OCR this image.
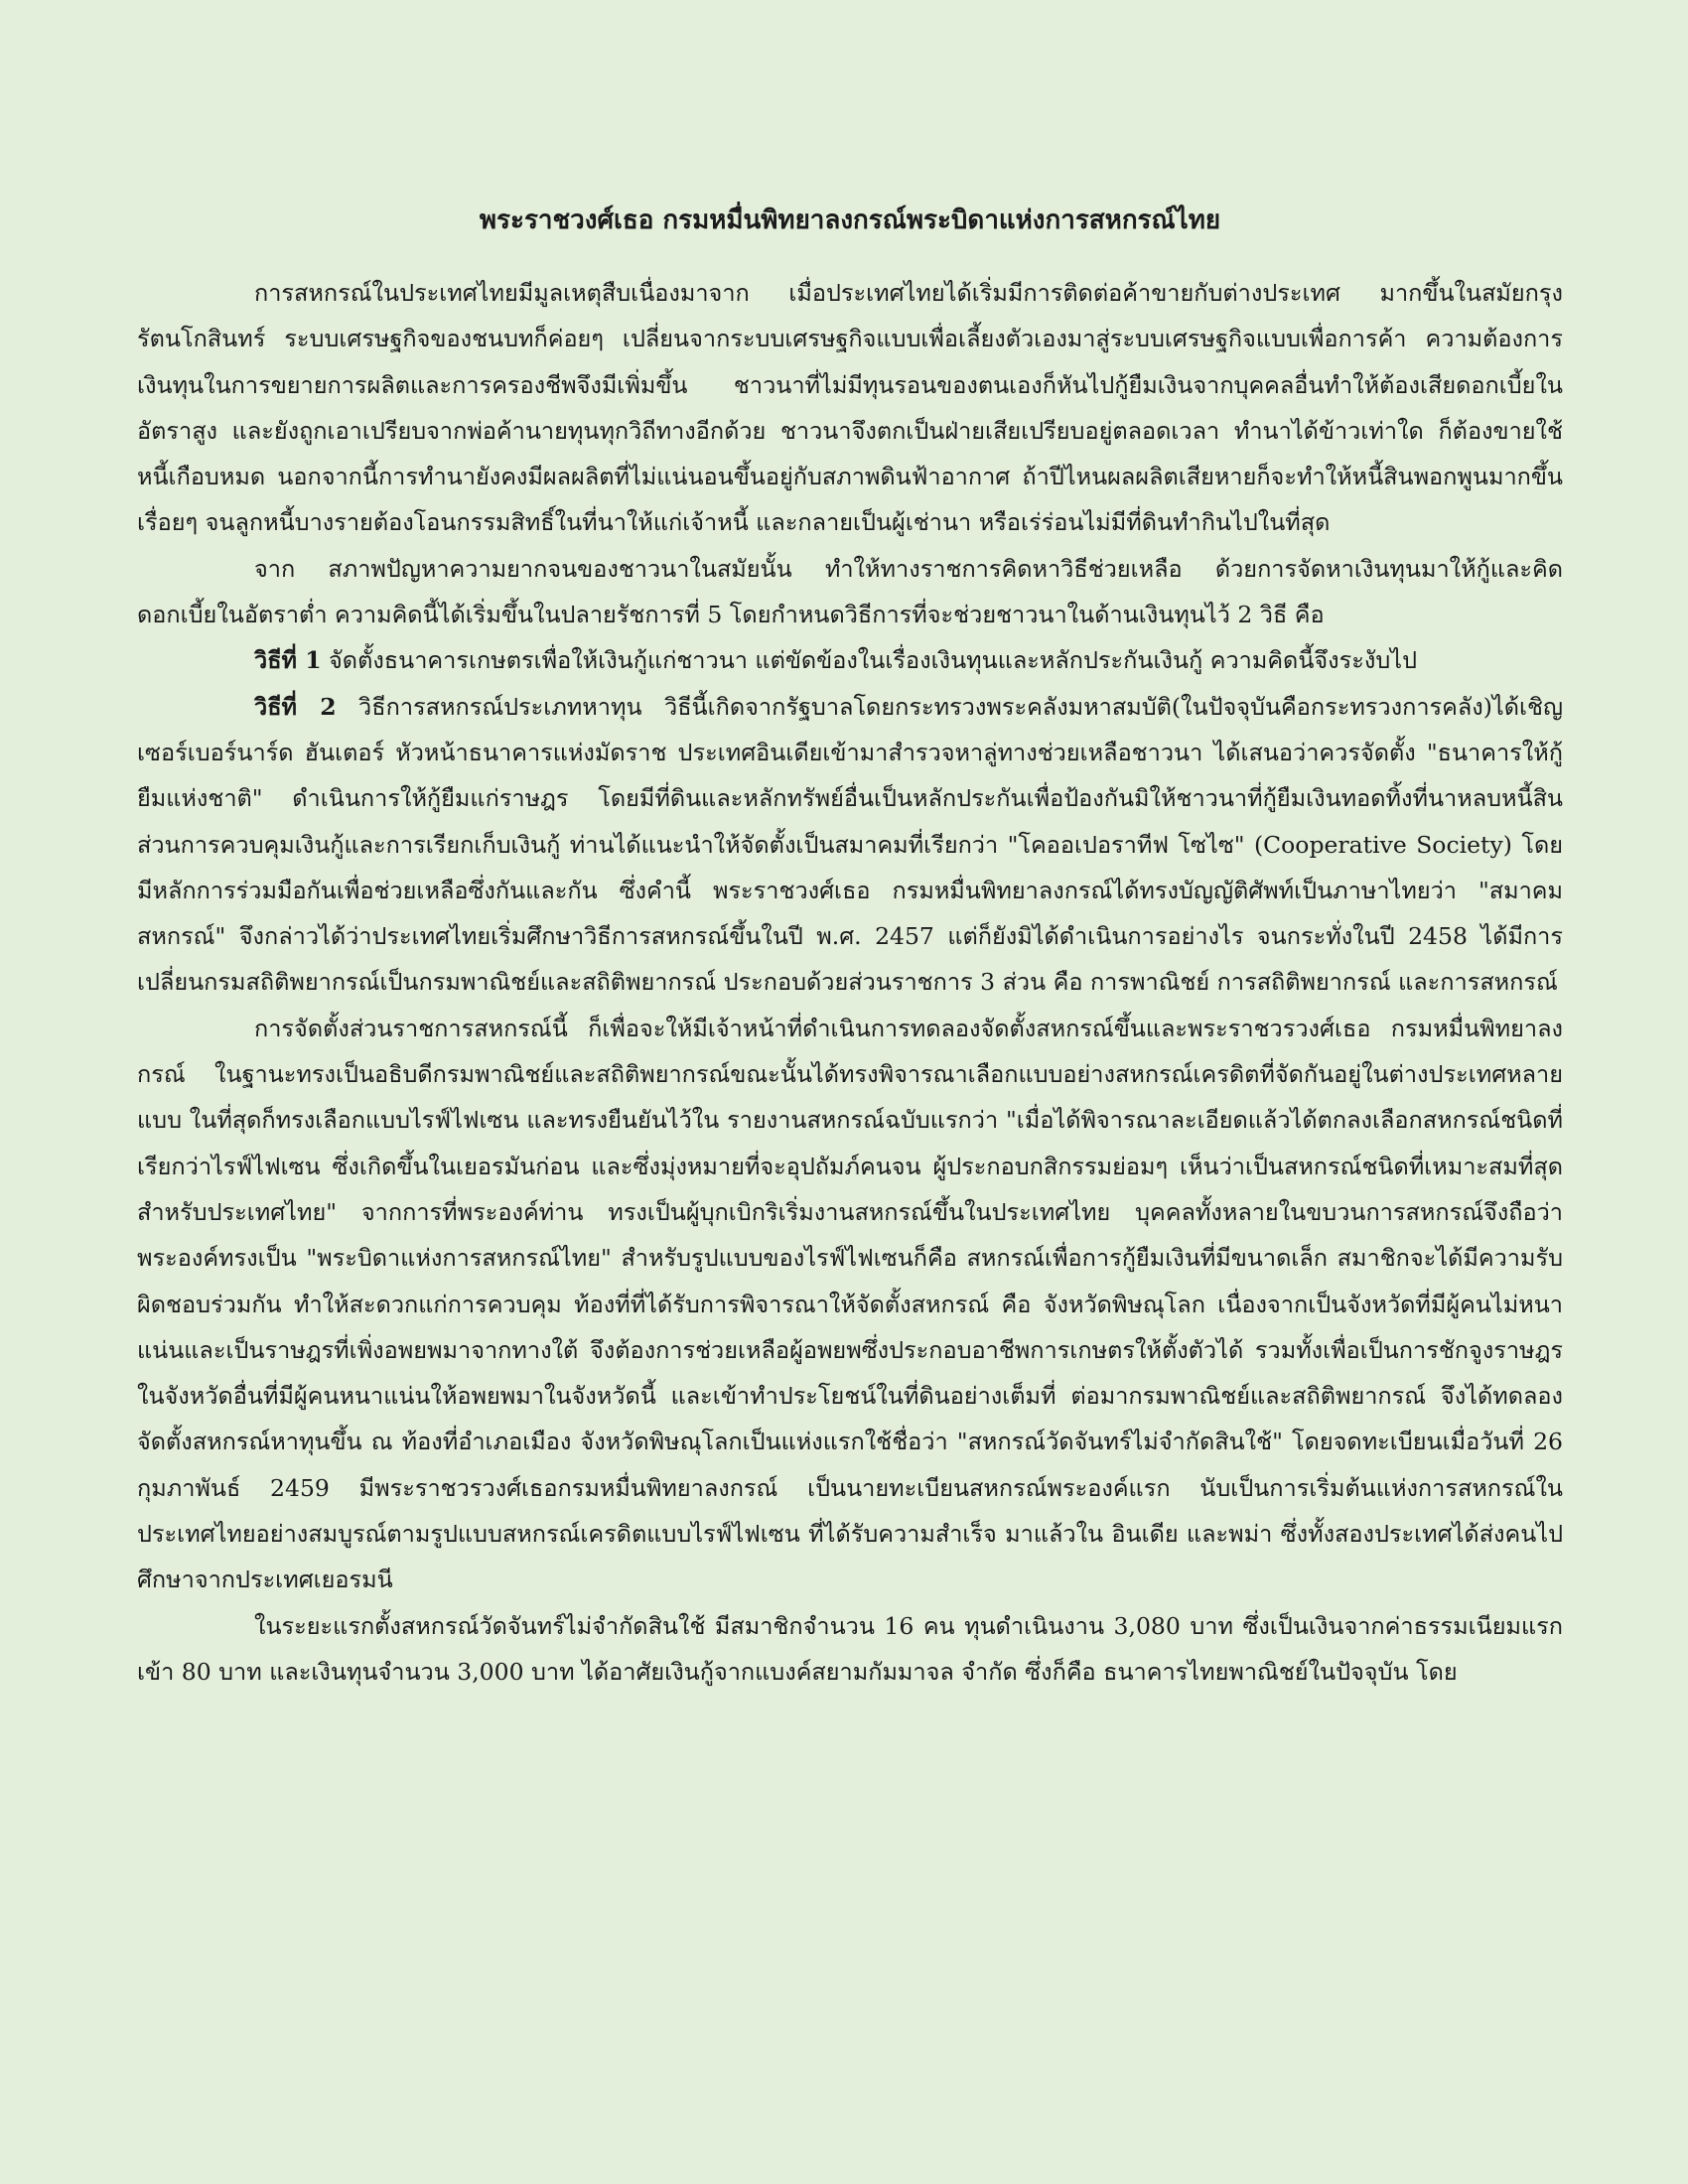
พระราชวงศ์เธอ กรมหมื่นพิทยาลงกรณ์พระบิดาแห่งการสหกรณ์ไทย

การสหกรณ์ในประเทศไทยมีมูลเหตุสืบเนื่องมาจาก เมื่อประเทศไทยได้เริ่มมีการติดต่อค้าขายกับต่างประเทศ มากขึ้นในสมัยกรุงรัตนโกสินทร์ ระบบเศรษฐกิจของชนบทก็ค่อยๆ เปลี่ยนจากระบบเศรษฐกิจแบบเพื่อเลี้ยงตัวเองมาสู่ระบบเศรษฐกิจแบบเพื่อการค้า ความต้องการเงินทุนในการขยายการผลิตและการครองชีพจึงมีเพิ่มขึ้น ชาวนาที่ไม่มีทุนรอนของตนเองก็หันไปกู้ยืมเงินจากบุคคลอื่นทำให้ต้องเสียดอกเบี้ยในอัตราสูง และยังถูกเอาเปรียบจากพ่อค้านายทุนทุกวิถีทางอีกด้วย ชาวนาจึงตกเป็นฝ่ายเสียเปรียบอยู่ตลอดเวลา ทำนาได้ข้าวเท่าใด ก็ต้องขายใช้หนี้เกือบหมด นอกจากนี้การทำนายังคงมีผลผลิตที่ไม่แน่นอนขึ้นอยู่กับสภาพดินฟ้าอากาศ ถ้าปีไหนผลผลิตเสียหายก็จะทำให้หนี้สินพอกพูนมากขึ้นเรื่อยๆ จนลูกหนี้บางรายต้องโอนกรรมสิทธิ์ในที่นาให้แก่เจ้าหนี้ และกลายเป็นผู้เช่านา หรือเร่ร่อนไม่มีที่ดินทำกินไปในที่สุด

จาก สภาพปัญหาความยากจนของชาวนาในสมัยนั้น ทำให้ทางราชการคิดหาวิธีช่วยเหลือ ด้วยการจัดหาเงินทุนมาให้กู้และคิดดอกเบี้ยในอัตราต่ำ ความคิดนี้ได้เริ่มขึ้นในปลายรัชการที่ 5 โดยกำหนดวิธีการที่จะช่วยชาวนาในด้านเงินทุนไว้ 2 วิธี คือ

วิธีที่ 1 จัดตั้งธนาคารเกษตรเพื่อให้เงินกู้แก่ชาวนา แต่ขัดข้องในเรื่องเงินทุนและหลักประกันเงินกู้ ความคิดนี้จึงระงับไป

วิธีที่ 2 วิธีการสหกรณ์ประเภทหาทุน วิธีนี้เกิดจากรัฐบาลโดยกระทรวงพระคลังมหาสมบัติ(ในปัจจุบันคือกระทรวงการคลัง)ได้เชิญเซอร์เบอร์นาร์ด ฮันเตอร์ หัวหน้าธนาคารแห่งมัดราช ประเทศอินเดียเข้ามาสำรวจหาลู่ทางช่วยเหลือชาวนา ได้เสนอว่าควรจัดตั้ง "ธนาคารให้กู้ยืมแห่งชาติ" ดำเนินการให้กู้ยืมแก่ราษฎร โดยมีที่ดินและหลักทรัพย์อื่นเป็นหลักประกันเพื่อป้องกันมิให้ชาวนาที่กู้ยืมเงินทอดทิ้งที่นาหลบหนี้สิน ส่วนการควบคุมเงินกู้และการเรียกเก็บเงินกู้ ท่านได้แนะนำให้จัดตั้งเป็นสมาคมที่เรียกว่า "โคออเปอราทีฟ โซไซ" (Cooperative Society) โดยมีหลักการร่วมมือกันเพื่อช่วยเหลือซึ่งกันและกัน ซึ่งคำนี้ พระราชวงศ์เธอ กรมหมื่นพิทยาลงกรณ์ได้ทรงบัญญัติศัพท์เป็นภาษาไทยว่า "สมาคมสหกรณ์" จึงกล่าวได้ว่าประเทศไทยเริ่มศึกษาวิธีการสหกรณ์ขึ้นในปี พ.ศ. 2457 แต่ก็ยังมิได้ดำเนินการอย่างไร จนกระทั่งในปี 2458 ได้มีการเปลี่ยนกรมสถิติพยากรณ์เป็นกรมพาณิชย์และสถิติพยากรณ์ ประกอบด้วยส่วนราชการ 3 ส่วน คือ การพาณิชย์ การสถิติพยากรณ์ และการสหกรณ์

การจัดตั้งส่วนราชการสหกรณ์นี้ ก็เพื่อจะให้มีเจ้าหน้าที่ดำเนินการทดลองจัดตั้งสหกรณ์ขึ้นและพระราชวรวงศ์เธอ กรมหมื่นพิทยาลงกรณ์ ในฐานะทรงเป็นอธิบดีกรมพาณิชย์และสถิติพยากรณ์ขณะนั้นได้ทรงพิจารณาเลือกแบบอย่างสหกรณ์เครดิตที่จัดกันอยู่ในต่างประเทศหลายแบบ ในที่สุดก็ทรงเลือกแบบไรฟ์ไฟเซน และทรงยืนยันไว้ใน รายงานสหกรณ์ฉบับแรกว่า "เมื่อได้พิจารณาละเอียดแล้วได้ตกลงเลือกสหกรณ์ชนิดที่เรียกว่าไรฟ์ไฟเซน ซึ่งเกิดขึ้นในเยอรมันก่อน และซึ่งมุ่งหมายที่จะอุปถัมภ์คนจน ผู้ประกอบกสิกรรมย่อมๆ เห็นว่าเป็นสหกรณ์ชนิดที่เหมาะสมที่สุดสำหรับประเทศไทย" จากการที่พระองค์ท่าน ทรงเป็นผู้บุกเบิกริเริ่มงานสหกรณ์ขึ้นในประเทศไทย บุคคลทั้งหลายในขบวนการสหกรณ์จึงถือว่าพระองค์ทรงเป็น "พระบิดาแห่งการสหกรณ์ไทย" สำหรับรูปแบบของไรฟ์ไฟเซนก็คือ สหกรณ์เพื่อการกู้ยืมเงินที่มีขนาดเล็ก สมาชิกจะได้มีความรับผิดชอบร่วมกัน ทำให้สะดวกแก่การควบคุม ท้องที่ที่ได้รับการพิจารณาให้จัดตั้งสหกรณ์ คือ จังหวัดพิษณุโลก เนื่องจากเป็นจังหวัดที่มีผู้คนไม่หนาแน่นและเป็นราษฎรที่เพิ่งอพยพมาจากทางใต้ จึงต้องการช่วยเหลือผู้อพยพซึ่งประกอบอาชีพการเกษตรให้ตั้งตัวได้ รวมทั้งเพื่อเป็นการชักจูงราษฎรในจังหวัดอื่นที่มีผู้คนหนาแน่นให้อพยพมาในจังหวัดนี้ และเข้าทำประโยชน์ในที่ดินอย่างเต็มที่ ต่อมากรมพาณิชย์และสถิติพยากรณ์ จึงได้ทดลองจัดตั้งสหกรณ์หาทุนขึ้น ณ ท้องที่อำเภอเมือง จังหวัดพิษณุโลกเป็นแห่งแรกใช้ชื่อว่า "สหกรณ์วัดจันทร์ไม่จำกัดสินใช้" โดยจดทะเบียนเมื่อวันที่ 26 กุมภาพันธ์ 2459 มีพระราชวรวงศ์เธอกรมหมื่นพิทยาลงกรณ์ เป็นนายทะเบียนสหกรณ์พระองค์แรก นับเป็นการเริ่มต้นแห่งการสหกรณ์ในประเทศไทยอย่างสมบูรณ์ตามรูปแบบสหกรณ์เครดิตแบบไรฟ์ไฟเซน ที่ได้รับความสำเร็จ มาแล้วใน อินเดีย และพม่า ซึ่งทั้งสองประเทศได้ส่งคนไปศึกษาจากประเทศเยอรมนี

ในระยะแรกตั้งสหกรณ์วัดจันทร์ไม่จำกัดสินใช้ มีสมาชิกจำนวน 16 คน ทุนดำเนินงาน 3,080 บาท ซึ่งเป็นเงินจากค่าธรรมเนียมแรกเข้า 80 บาท และเงินทุนจำนวน 3,000 บาท ได้อาศัยเงินกู้จากแบงค์สยามกัมมาจล จำกัด ซึ่งก็คือ ธนาคารไทยพาณิชย์ในปัจจุบัน โดย
